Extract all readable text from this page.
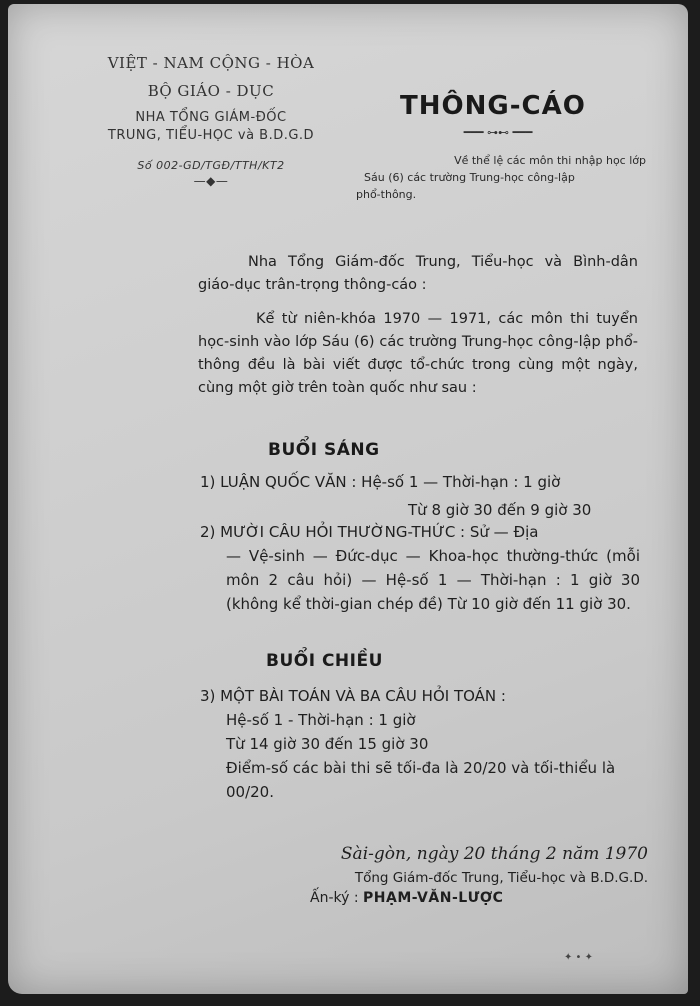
VIỆT - NAM CỘNG - HÒA
BỘ GIÁO - DỤC
NHA TỔNG GIÁM-ĐỐC
TRUNG, TIỂU-HỌC và B.D.G.D
Số 002-GD/TGĐ/TTH/KT2
—◆—
THÔNG-CÁO
━━━ ⊶⊷ ━━━

Về thể lệ các môn thi nhập học lớp

Sáu (6) các trường Trung-học công-lập

phổ-thông.

Nha Tổng Giám-đốc Trung, Tiểu-học và Bình-dân giáo-dục trân-trọng thông-cáo :

Kể từ niên-khóa 1970 — 1971, các môn thi tuyển học-sinh vào lớp Sáu (6) các trường Trung-học công-lập phổ-thông đều là bài viết được tổ-chức trong cùng một ngày, cùng một giờ trên toàn quốc như sau :

BUỔI SÁNG
1) LUẬN QUỐC VĂN : Hệ-số 1 — Thời-hạn : 1 giờ
Từ 8 giờ 30 đến 9 giờ 30
2) MƯỜI CÂU HỎI THƯỜNG-THỨC : Sử — Địa
— Vệ-sinh — Đức-dục — Khoa-học thường-thức (mỗi môn 2 câu hỏi) — Hệ-số 1 — Thời-hạn : 1 giờ 30 (không kể thời-gian chép đề) Từ 10 giờ đến 11 giờ 30.
BUỔI CHIỀU
3) MỘT BÀI TOÁN VÀ BA CÂU HỎI TOÁN :

Hệ-số 1 - Thời-hạn : 1 giờ

Từ 14 giờ 30 đến 15 giờ 30

Điểm-số các bài thi sẽ tối-đa là 20/20 và tối-thiểu là 00/20.

Sài-gòn, ngày 20 tháng 2 năm 1970
Tổng Giám-đốc Trung, Tiểu-học và B.D.G.D.
Ấn-ký : PHẠM-VĂN-LƯỢC
✦ • ✦
